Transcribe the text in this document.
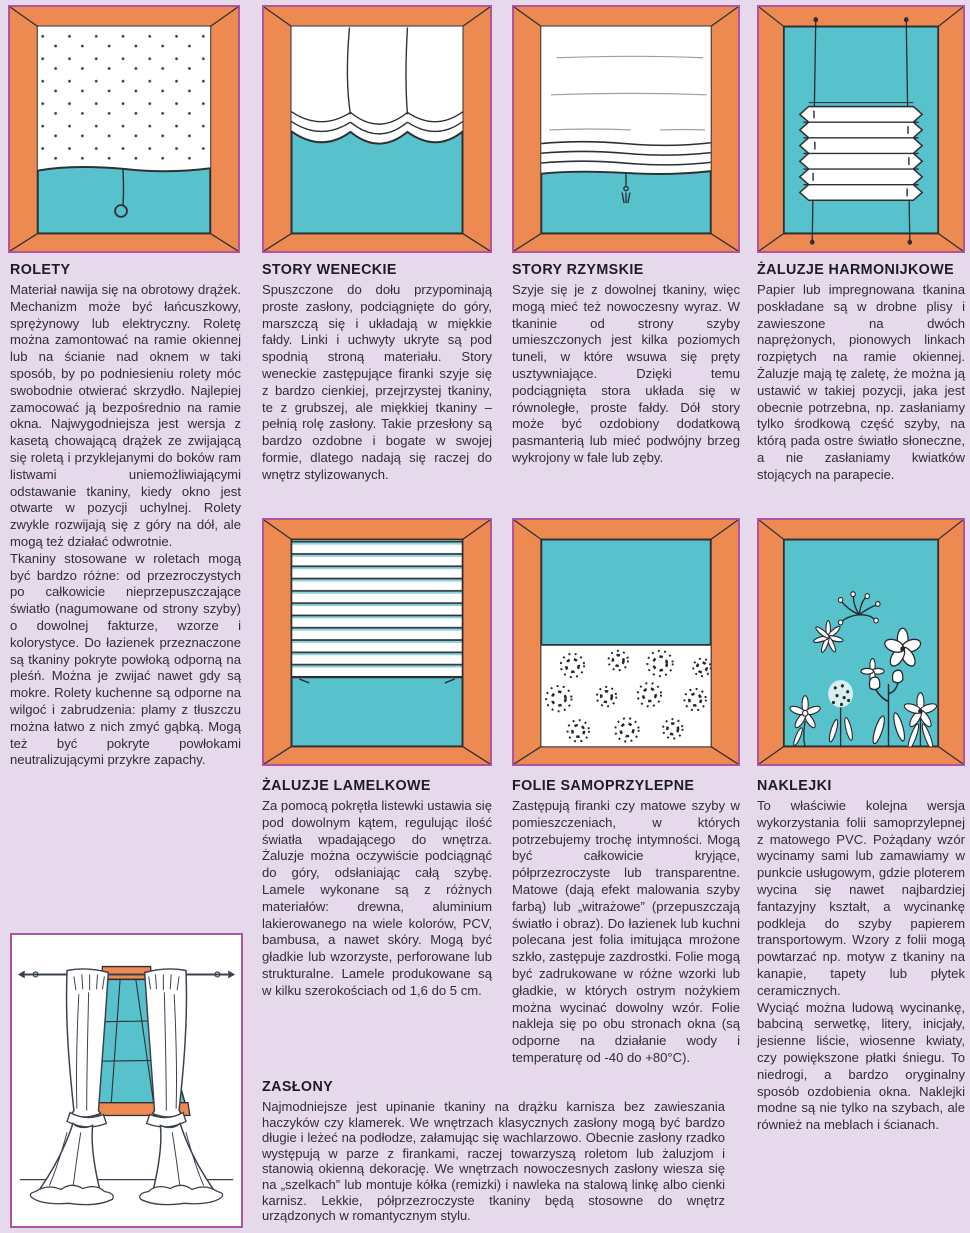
ROLETY

Materiał nawija się na obrotowy drążek. Mechanizm może być łańcuszkowy, sprężynowy lub elektryczny. Roletę można zamontować na ramie okiennej lub na ścianie nad oknem w taki sposób, by po podniesieniu rolety móc swobodnie otwierać skrzydło. Najlepiej zamocować ją bezpośrednio na ramie okna. Najwygodniejsza jest wersja z kasetą chowającą drążek ze zwijającą się roletą i przyklejanymi do boków ram listwami uniemożliwiającymi odstawanie tkaniny, kiedy okno jest otwarte w pozycji uchylnej. Rolety zwykle rozwijają się z góry na dół, ale mogą też działać odwrotnie.

Tkaniny stosowane w roletach mogą być bardzo różne: od przezroczystych po całkowicie nieprzepuszczające światło (nagumowane od strony szyby) o dowolnej fakturze, wzorze i kolorystyce. Do łazienek przeznaczone są tkaniny pokryte powłoką odporną na pleśń. Można je zwijać nawet gdy są mokre. Rolety kuchenne są odporne na wilgoć i zabrudzenia: plamy z tłuszczu można łatwo z nich zmyć gąbką. Mogą też być pokryte powłokami neutralizującymi przykre zapachy.

STORY WENECKIE

Spuszczone do dołu przypominają proste zasłony, podciągnięte do góry, marszczą się i układają w miękkie fałdy. Linki i uchwyty ukryte są pod spodnią stroną materiału. Story weneckie zastępujące firanki szyje się z bardzo cienkiej, przejrzystej tkaniny, te z grubszej, ale miękkiej tkaniny – pełnią rolę zasłony. Takie przesłony są bardzo ozdobne i bogate w swojej formie, dlatego nadają się raczej do wnętrz stylizowanych.

STORY RZYMSKIE

Szyje się je z dowolnej tkaniny, więc mogą mieć też nowoczesny wyraz. W tkaninie od strony szyby umieszczonych jest kilka poziomych tuneli, w które wsuwa się pręty usztywniające. Dzięki temu podciągnięta stora układa się w równoległe, proste fałdy. Dół story może być ozdobiony dodatkową pasmanterią lub mieć podwójny brzeg wykrojony w fale lub zęby.

ŻALUZJE HARMONIJKOWE

Papier lub impregnowana tkanina poskładane są w drobne plisy i zawieszone na dwóch naprężonych, pionowych linkach rozpiętych na ramie okiennej. Żaluzje mają tę zaletę, że można ją ustawić w takiej pozycji, jaka jest obecnie potrzebna, np. zasłaniamy tylko środkową część szyby, na którą pada ostre światło słoneczne, a nie zasłaniamy kwiatków stojących na parapecie.

ŻALUZJE LAMELKOWE

Za pomocą pokrętła listewki ustawia się pod dowolnym kątem, regulując ilość światła wpadającego do wnętrza. Żaluzje można oczywiście podciągnąć do góry, odsłaniając całą szybę. Lamele wykonane są z różnych materiałów: drewna, aluminium lakierowanego na wiele kolorów, PCV, bambusa, a nawet skóry. Mogą być gładkie lub wzorzyste, perforowane lub strukturalne. Lamele produkowane są w kilku szerokościach od 1,6 do 5 cm.

FOLIE SAMOPRZYLEPNE

Zastępują firanki czy matowe szyby w pomieszczeniach, w których potrzebujemy trochę intymności. Mogą być całkowicie kryjące, półprzezroczyste lub transparentne. Matowe (dają efekt malowania szyby farbą) lub „witrażowe” (przepuszczają światło i obraz). Do łazienek lub kuchni polecana jest folia imitująca mrożone szkło, zastępuje zazdrostki. Folie mogą być zadrukowane w różne wzorki lub gładkie, w których ostrym nożykiem można wycinać dowolny wzór. Folie nakleja się po obu stronach okna (są odporne na działanie wody i temperaturę od -40 do +80°C).

NAKLEJKI

To właściwie kolejna wersja wykorzystania folii samoprzylepnej z matowego PVC. Pożądany wzór wycinamy sami lub zamawiamy w punkcie usługowym, gdzie ploterem wycina się nawet najbardziej fantazyjny kształt, a wycinankę podkleja do szyby papierem transportowym. Wzory z folii mogą powtarzać np. motyw z tkaniny na kanapie, tapety lub płytek ceramicznych.

Wyciąć można ludową wycinankę, babciną serwetkę, litery, inicjały, jesienne liście, wiosenne kwiaty, czy powiększone płatki śniegu. To niedrogi, a bardzo oryginalny sposób ozdobienia okna. Naklejki modne są nie tylko na szybach, ale również na meblach i ścianach.

ZASŁONY

Najmodniejsze jest upinanie tkaniny na drążku karnisza bez zawieszania haczyków czy klamerek. We wnętrzach klasycznych zasłony mogą być bardzo długie i leżeć na podłodze, załamując się wachlarzowo. Obecnie zasłony rzadko występują w parze z firankami, raczej towarzyszą roletom lub żaluzjom i stanowią okienną dekorację. We wnętrzach nowoczesnych zasłony wiesza się na „szelkach” lub montuje kółka (remizki) i nawleka na stalową linkę albo cienki karnisz. Lekkie, półprzezroczyste tkaniny będą stosowne do wnętrz urządzonych w romantycznym stylu.
